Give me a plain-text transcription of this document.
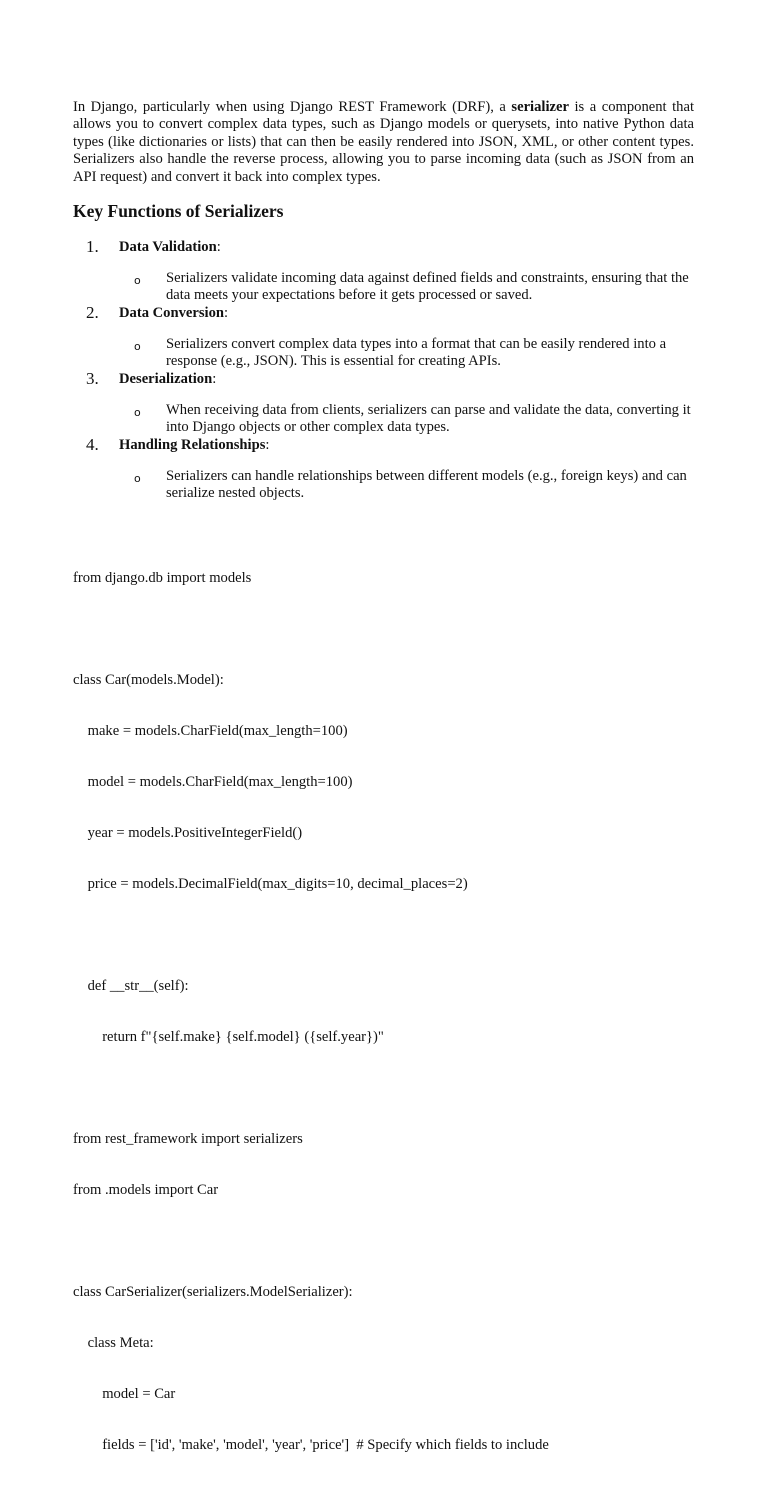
In Django, particularly when using Django REST Framework (DRF), a serializer is a component that allows you to convert complex data types, such as Django models or querysets, into native Python data types (like dictionaries or lists) that can then be easily rendered into JSON, XML, or other content types. Serializers also handle the reverse process, allowing you to parse incoming data (such as JSON from an API request) and convert it back into complex types.

Key Functions of Serializers
1. Data Validation:
o Serializers validate incoming data against defined fields and constraints, ensuring that the data meets your expectations before it gets processed or saved.

2. Data Conversion:
o Serializers convert complex data types into a format that can be easily rendered into a response (e.g., JSON). This is essential for creating APIs.

3. Deserialization:
o When receiving data from clients, serializers can parse and validate the data, converting it into Django objects or other complex data types.

4. Handling Relationships:
o Serializers can handle relationships between different models (e.g., foreign keys) and can serialize nested objects.

from django.db import models

class Car(models.Model):

make = models.CharField(max_length=100)

model = models.CharField(max_length=100)

year = models.PositiveIntegerField()

price = models.DecimalField(max_digits=10, decimal_places=2)

def __str__(self):

return f"{self.make} {self.model} ({self.year})"

from rest_framework import serializers

from .models import Car

class CarSerializer(serializers.ModelSerializer):

class Meta:

model = Car

fields = ['id', 'make', 'model', 'year', 'price']  # Specify which fields to include
